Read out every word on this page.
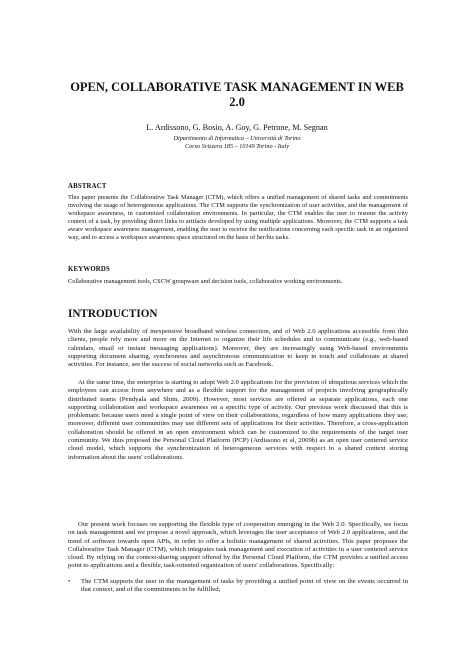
OPEN, COLLABORATIVE TASK MANAGEMENT IN WEB
2.0
L. Ardissono, G. Bosio, A. Goy, G. Petrone, M. Segnan
Dipartimento di Informatica – Università di Torino
Corso Svizzera 185 – 10149 Torino - Italy
ABSTRACT
This paper presents the Collaborative Task Manager (CTM), which offers a unified management of shared tasks and commitments involving the usage of heterogeneous applications. The CTM supports the synchronization of user activities, and the management of workspace awareness, in customized collaboration environments. In particular, the CTM enables the user to resume the activity context of a task, by providing direct links to artifacts developed by using multiple applications. Moreover, the CTM supports a task aware workspace awareness management, enabling the user to receive the notifications concerning each specific task in an organized way, and to access a workspace awareness space structured on the basis of her/his tasks.
KEYWORDS
Collaborative management tools, CSCW groupware and decision tools, collaborative working environments.
INTRODUCTION
With the large availability of inexpensive broadband wireless connection, and of Web 2.0 applications accessible from thin clients, people rely more and more on the Internet to organize their life schedules and to communicate (e.g., web-based calendars, email or instant messaging applications). Moreover, they are increasingly using Web-based environments supporting document sharing, synchronous and asynchronous communication to keep in touch and collaborate at shared activities. For instance, see the success of social networks such as Facebook.
At the same time, the enterprise is starting to adopt Web 2.0 applications for the provision of ubiquitous services which the employees can access from anywhere and as a flexible support for the management of projects involving geographically distributed teams (Pendyala and Shim, 2009). However, most services are offered as separate applications, each one supporting collaboration and workspace awareness on a specific type of activity. Our previous work discussed that this is problematic because users need a single point of view on their collaborations, regardless of how many applications they use; moreover, different user communities may use different sets of applications for their activities. Therefore, a cross-application collaboration should be offered in an open environment which can be customized to the requirements of the target user community. We thus proposed the Personal Cloud Platform (PCP) (Ardissono et al, 2009b) as an open user centered service cloud model, which supports the synchronization of heterogeneous services with respect to a shared context storing information about the users' collaborations.
Our present work focuses on supporting the flexible type of cooperation emerging in the Web 2.0. Specifically, we focus on task management and we propose a novel approach, which leverages the user acceptance of Web 2.0 applications, and the trend of software towards open APIs, in order to offer a holistic management of shared activities. This paper proposes the Collaborative Task Manager (CTM), which integrates task management and execution of activities in a user centered service cloud. By relying on the context-sharing support offered by the Personal Cloud Platform, the CTM provides a unified access point to applications and a flexible, task-oriented organization of users' collaborations. Specifically:
• The CTM supports the user in the management of tasks by providing a unified point of view on the events occurred in that context, and of the commitments to be fulfilled;
